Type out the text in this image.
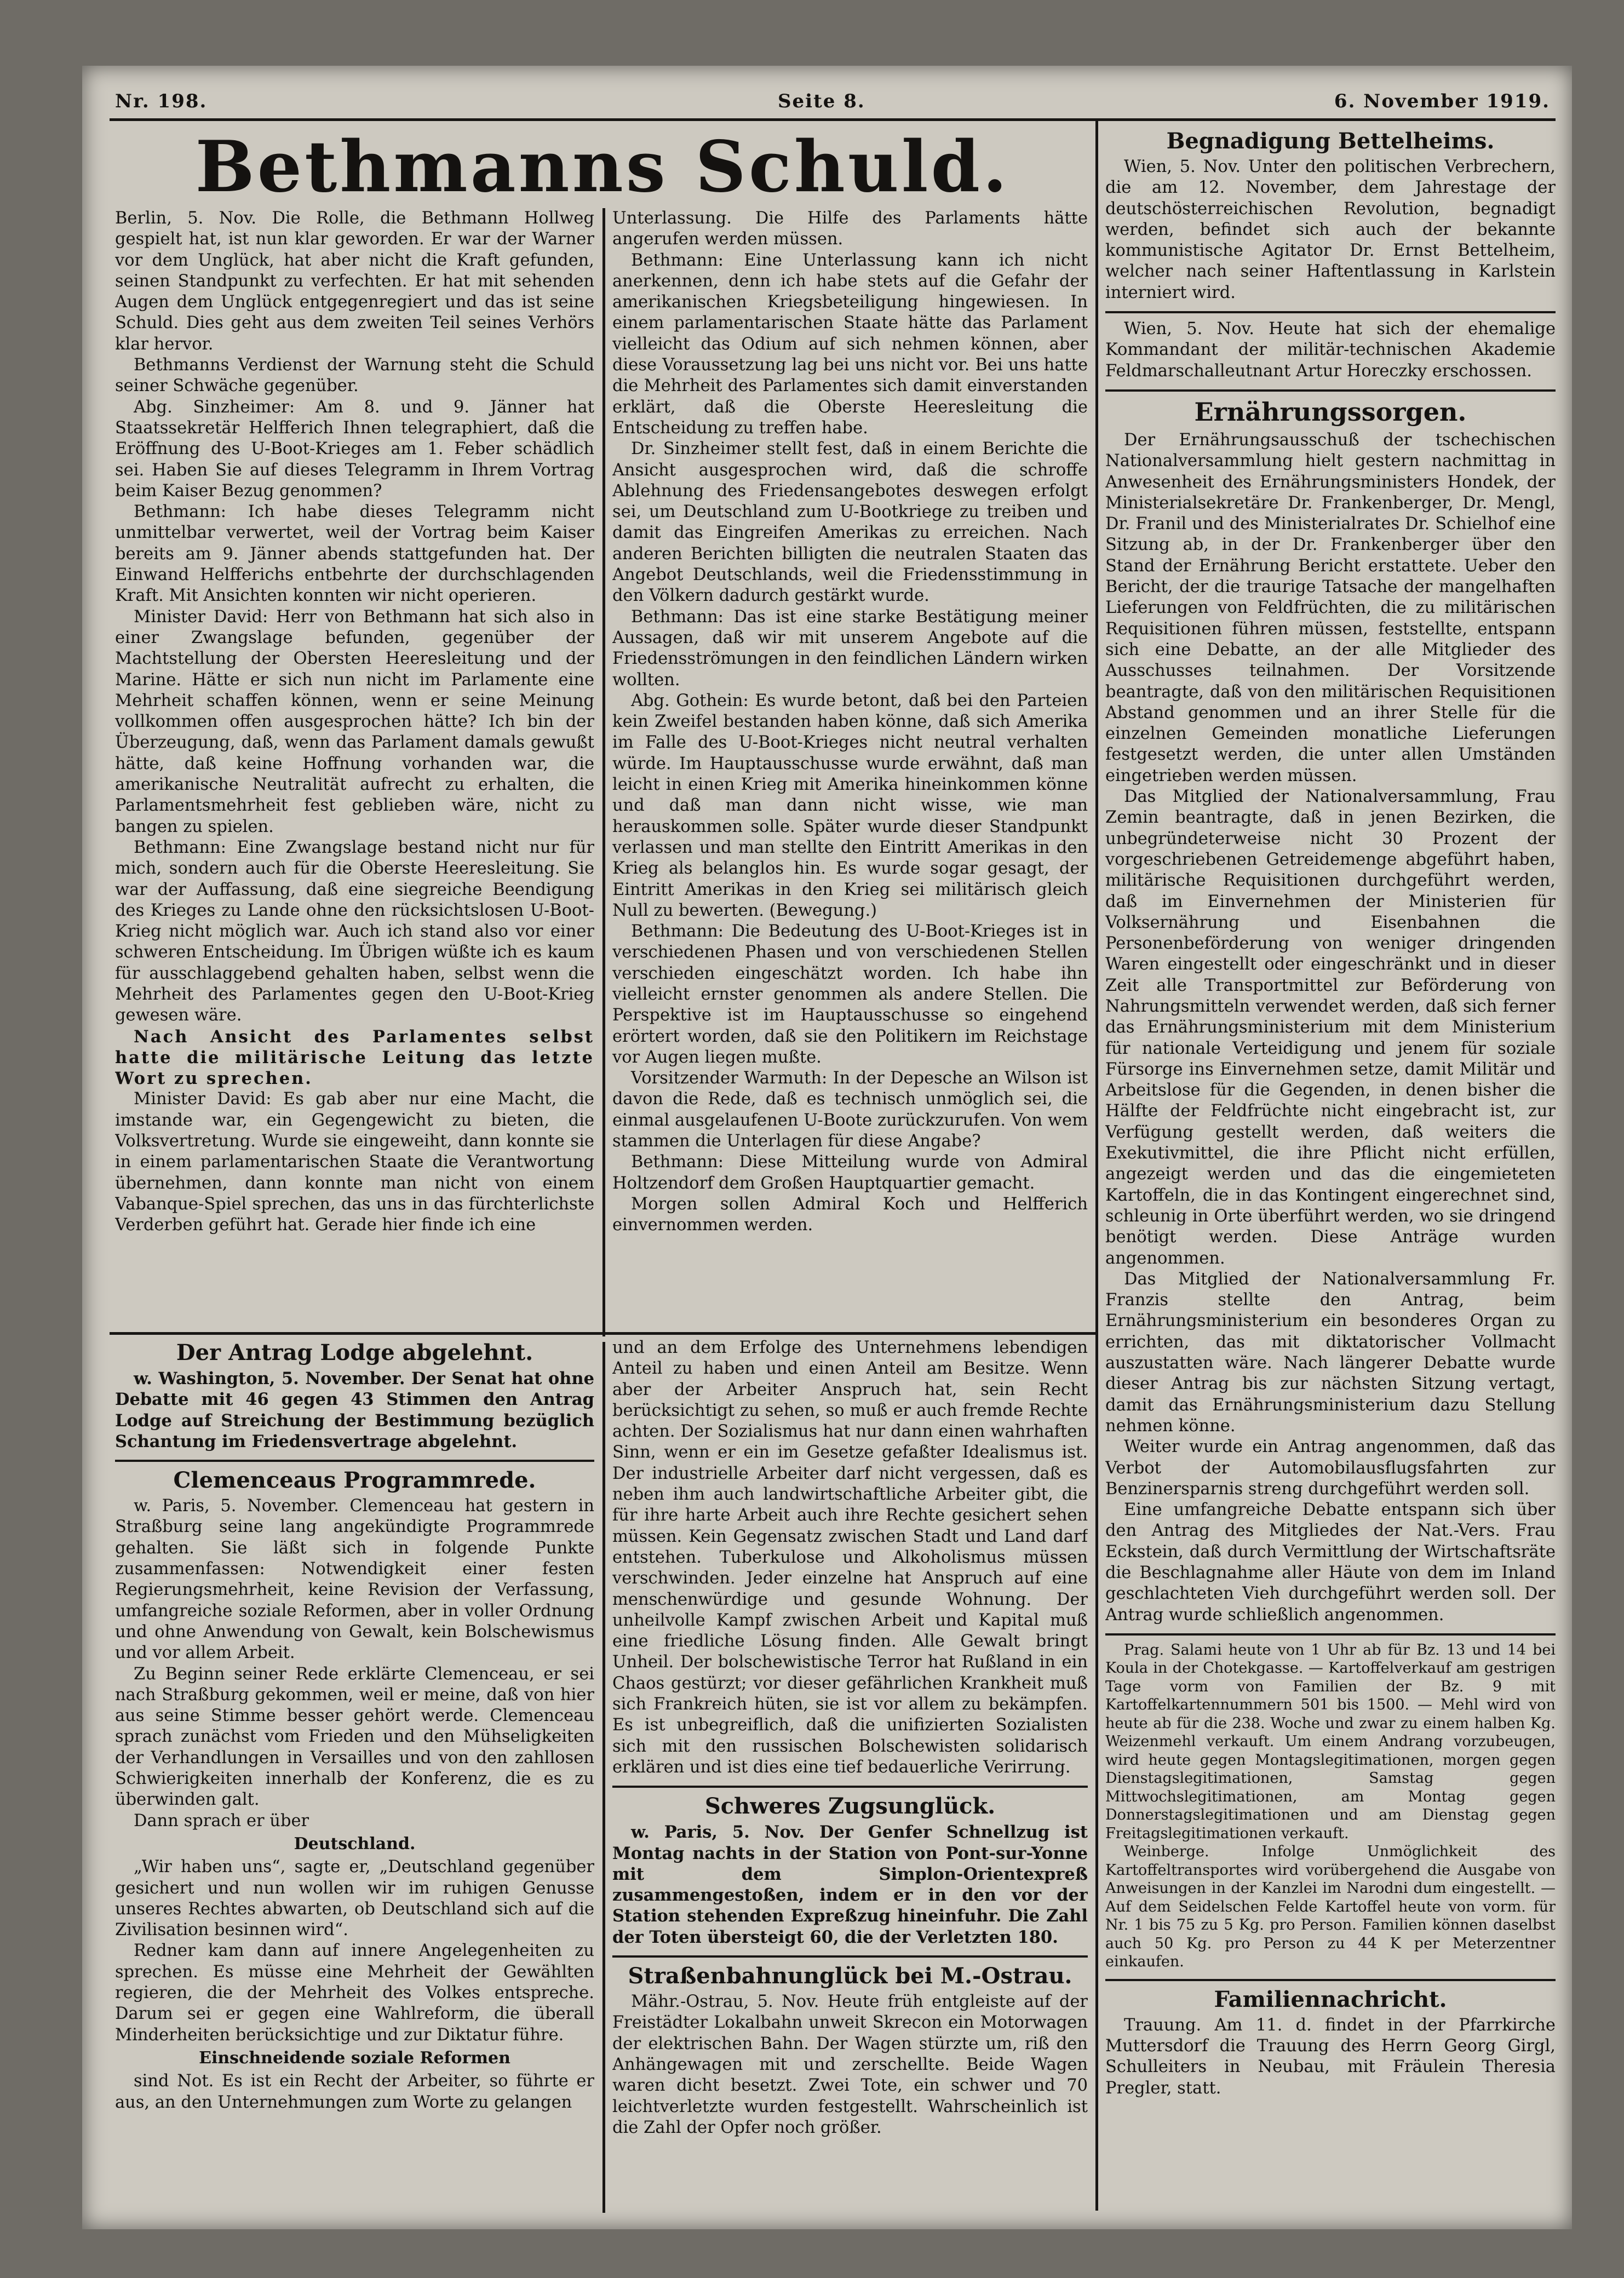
Nr. 198.	Seite 8.	6. November 1919.
Bethmanns Schuld.

Berlin, 5. Nov. Die Rolle, die Bethmann Hollweg gespielt hat, ist nun klar geworden. Er war der Warner vor dem Unglück, hat aber nicht die Kraft gefunden, seinen Standpunkt zu verfechten. Er hat mit sehenden Augen dem Unglück entgegenregiert und das ist seine Schuld. Dies geht aus dem zweiten Teil seines Verhörs klar hervor.

Bethmanns Verdienst der Warnung steht die Schuld seiner Schwäche gegenüber.

Abg. Sinzheimer: Am 8. und 9. Jänner hat Staatssekretär Helfferich Ihnen telegraphiert, daß die Eröffnung des U-Boot-Krieges am 1. Feber schädlich sei. Haben Sie auf dieses Telegramm in Ihrem Vortrag beim Kaiser Bezug genommen?

Bethmann: Ich habe dieses Telegramm nicht unmittelbar verwertet, weil der Vortrag beim Kaiser bereits am 9. Jänner abends stattgefunden hat. Der Einwand Helfferichs entbehrte der durchschlagenden Kraft. Mit Ansichten konnten wir nicht operieren.

Minister David: Herr von Bethmann hat sich also in einer Zwangslage befunden, gegenüber der Machtstellung der Obersten Heeresleitung und der Marine. Hätte er sich nun nicht im Parlamente eine Mehrheit schaffen können, wenn er seine Meinung vollkommen offen ausgesprochen hätte? Ich bin der Überzeugung, daß, wenn das Parlament damals gewußt hätte, daß keine Hoffnung vorhanden war, die amerikanische Neutralität aufrecht zu erhalten, die Parlamentsmehrheit fest geblieben wäre, nicht zu bangen zu spielen.

Bethmann: Eine Zwangslage bestand nicht nur für mich, sondern auch für die Oberste Heeresleitung. Sie war der Auffassung, daß eine siegreiche Beendigung des Krieges zu Lande ohne den rücksichtslosen U-Boot-Krieg nicht möglich war. Auch ich stand also vor einer schweren Entscheidung. Im Übrigen wüßte ich es kaum für ausschlaggebend gehalten haben, selbst wenn die Mehrheit des Parlamentes gegen den U-Boot-Krieg gewesen wäre.

Nach Ansicht des Parlamentes selbst hatte die militärische Leitung das letzte Wort zu sprechen.

Minister David: Es gab aber nur eine Macht, die imstande war, ein Gegengewicht zu bieten, die Volksvertretung. Wurde sie eingeweiht, dann konnte sie in einem parlamentarischen Staate die Verantwortung übernehmen, dann konnte man nicht von einem Vabanque-Spiel sprechen, das uns in das fürchterlichste Verderben geführt hat. Gerade hier finde ich eine

Unterlassung. Die Hilfe des Parlaments hätte angerufen werden müssen.

Bethmann: Eine Unterlassung kann ich nicht anerkennen, denn ich habe stets auf die Gefahr der amerikanischen Kriegsbeteiligung hingewiesen. In einem parlamentarischen Staate hätte das Parlament vielleicht das Odium auf sich nehmen können, aber diese Voraussetzung lag bei uns nicht vor. Bei uns hatte die Mehrheit des Parlamentes sich damit einverstanden erklärt, daß die Oberste Heeresleitung die Entscheidung zu treffen habe.

Dr. Sinzheimer stellt fest, daß in einem Berichte die Ansicht ausgesprochen wird, daß die schroffe Ablehnung des Friedensangebotes deswegen erfolgt sei, um Deutschland zum U-Bootkriege zu treiben und damit das Eingreifen Amerikas zu erreichen. Nach anderen Berichten billigten die neutralen Staaten das Angebot Deutschlands, weil die Friedensstimmung in den Völkern dadurch gestärkt wurde.

Bethmann: Das ist eine starke Bestätigung meiner Aussagen, daß wir mit unserem Angebote auf die Friedensströmungen in den feindlichen Ländern wirken wollten.

Abg. Gothein: Es wurde betont, daß bei den Parteien kein Zweifel bestanden haben könne, daß sich Amerika im Falle des U-Boot-Krieges nicht neutral verhalten würde. Im Hauptausschusse wurde erwähnt, daß man leicht in einen Krieg mit Amerika hineinkommen könne und daß man dann nicht wisse, wie man herauskommen solle. Später wurde dieser Standpunkt verlassen und man stellte den Eintritt Amerikas in den Krieg als belanglos hin. Es wurde sogar gesagt, der Eintritt Amerikas in den Krieg sei militärisch gleich Null zu bewerten. (Bewegung.)

Bethmann: Die Bedeutung des U-Boot-Krieges ist in verschiedenen Phasen und von verschiedenen Stellen verschieden eingeschätzt worden. Ich habe ihn vielleicht ernster genommen als andere Stellen. Die Perspektive ist im Hauptausschusse so eingehend erörtert worden, daß sie den Politikern im Reichstage vor Augen liegen mußte.

Vorsitzender Warmuth: In der Depesche an Wilson ist davon die Rede, daß es technisch unmöglich sei, die einmal ausgelaufenen U-Boote zurückzurufen. Von wem stammen die Unterlagen für diese Angabe?

Bethmann: Diese Mitteilung wurde von Admiral Holtzendorf dem Großen Hauptquartier gemacht.

Morgen sollen Admiral Koch und Helfferich einvernommen werden.

Der Antrag Lodge abgelehnt.

w. Washington, 5. November. Der Senat hat ohne Debatte mit 46 gegen 43 Stimmen den Antrag Lodge auf Streichung der Bestimmung bezüglich Schantung im Friedensvertrage abgelehnt.

Clemenceaus Programmrede.

w. Paris, 5. November. Clemenceau hat gestern in Straßburg seine lang angekündigte Programmrede gehalten. Sie läßt sich in folgende Punkte zusammenfassen: Notwendigkeit einer festen Regierungsmehrheit, keine Revision der Verfassung, umfangreiche soziale Reformen, aber in voller Ordnung und ohne Anwendung von Gewalt, kein Bolschewismus und vor allem Arbeit.

Zu Beginn seiner Rede erklärte Clemenceau, er sei nach Straßburg gekommen, weil er meine, daß von hier aus seine Stimme besser gehört werde. Clemenceau sprach zunächst vom Frieden und den Mühseligkeiten der Verhandlungen in Versailles und von den zahllosen Schwierigkeiten innerhalb der Konferenz, die es zu überwinden galt.

Dann sprach er über

Deutschland.

„Wir haben uns“, sagte er, „Deutschland gegenüber gesichert und nun wollen wir im ruhigen Genusse unseres Rechtes abwarten, ob Deutschland sich auf die Zivilisation besinnen wird“.

Redner kam dann auf innere Angelegenheiten zu sprechen. Es müsse eine Mehrheit der Gewählten regieren, die der Mehrheit des Volkes entspreche. Darum sei er gegen eine Wahlreform, die überall Minderheiten berücksichtige und zur Diktatur führe.

Einschneidende soziale Reformen

sind Not. Es ist ein Recht der Arbeiter, so führte er aus, an den Unternehmungen zum Worte zu gelangen

und an dem Erfolge des Unternehmens lebendigen Anteil zu haben und einen Anteil am Besitze. Wenn aber der Arbeiter Anspruch hat, sein Recht berücksichtigt zu sehen, so muß er auch fremde Rechte achten. Der Sozialismus hat nur dann einen wahrhaften Sinn, wenn er ein im Gesetze gefaßter Idealismus ist. Der industrielle Arbeiter darf nicht vergessen, daß es neben ihm auch landwirtschaftliche Arbeiter gibt, die für ihre harte Arbeit auch ihre Rechte gesichert sehen müssen. Kein Gegensatz zwischen Stadt und Land darf entstehen. Tuberkulose und Alkoholismus müssen verschwinden. Jeder einzelne hat Anspruch auf eine menschenwürdige und gesunde Wohnung. Der unheilvolle Kampf zwischen Arbeit und Kapital muß eine friedliche Lösung finden. Alle Gewalt bringt Unheil. Der bolschewistische Terror hat Rußland in ein Chaos gestürzt; vor dieser gefährlichen Krankheit muß sich Frankreich hüten, sie ist vor allem zu bekämpfen. Es ist unbegreiflich, daß die unifizierten Sozialisten sich mit den russischen Bolschewisten solidarisch erklären und ist dies eine tief bedauerliche Verirrung.

Schweres Zugsunglück.

w. Paris, 5. Nov. Der Genfer Schnellzug ist Montag nachts in der Station von Pont-sur-Yonne mit dem Simplon-Orientexpreß zusammengestoßen, indem er in den vor der Station stehenden Expreßzug hineinfuhr. Die Zahl der Toten übersteigt 60, die der Verletzten 180.

Straßenbahnunglück bei M.-Ostrau.

Mähr.-Ostrau, 5. Nov. Heute früh entgleiste auf der Freistädter Lokalbahn unweit Skrecon ein Motorwagen der elektrischen Bahn. Der Wagen stürzte um, riß den Anhängewagen mit und zerschellte. Beide Wagen waren dicht besetzt. Zwei Tote, ein schwer und 70 leichtverletzte wurden festgestellt. Wahrscheinlich ist die Zahl der Opfer noch größer.

Begnadigung Bettelheims.

Wien, 5. Nov. Unter den politischen Verbrechern, die am 12. November, dem Jahrestage der deutschösterreichischen Revolution, begnadigt werden, befindet sich auch der bekannte kommunistische Agitator Dr. Ernst Bettelheim, welcher nach seiner Haftentlassung in Karlstein interniert wird.

Wien, 5. Nov. Heute hat sich der ehemalige Kommandant der militär-technischen Akademie Feldmarschalleutnant Artur Horeczky erschossen.

Ernährungssorgen.

Der Ernährungsausschuß der tschechischen Nationalversammlung hielt gestern nachmittag in Anwesenheit des Ernährungsministers Hondek, der Ministerialsekretäre Dr. Frankenberger, Dr. Mengl, Dr. Franil und des Ministerialrates Dr. Schielhof eine Sitzung ab, in der Dr. Frankenberger über den Stand der Ernährung Bericht erstattete. Ueber den Bericht, der die traurige Tatsache der mangelhaften Lieferungen von Feldfrüchten, die zu militärischen Requisitionen führen müssen, feststellte, entspann sich eine Debatte, an der alle Mitglieder des Ausschusses teilnahmen. Der Vorsitzende beantragte, daß von den militärischen Requisitionen Abstand genommen und an ihrer Stelle für die einzelnen Gemeinden monatliche Lieferungen festgesetzt werden, die unter allen Umständen eingetrieben werden müssen.

Das Mitglied der Nationalversammlung, Frau Zemin beantragte, daß in jenen Bezirken, die unbegründeterweise nicht 30 Prozent der vorgeschriebenen Getreidemenge abgeführt haben, militärische Requisitionen durchgeführt werden, daß im Einvernehmen der Ministerien für Volksernährung und Eisenbahnen die Personenbeförderung von weniger dringenden Waren eingestellt oder eingeschränkt und in dieser Zeit alle Transportmittel zur Beförderung von Nahrungsmitteln verwendet werden, daß sich ferner das Ernährungsministerium mit dem Ministerium für nationale Verteidigung und jenem für soziale Fürsorge ins Einvernehmen setze, damit Militär und Arbeitslose für die Gegenden, in denen bisher die Hälfte der Feldfrüchte nicht eingebracht ist, zur Verfügung gestellt werden, daß weiters die Exekutivmittel, die ihre Pflicht nicht erfüllen, angezeigt werden und das die eingemieteten Kartoffeln, die in das Kontingent eingerechnet sind, schleunig in Orte überführt werden, wo sie dringend benötigt werden. Diese Anträge wurden angenommen.

Das Mitglied der Nationalversammlung Fr. Franzis stellte den Antrag, beim Ernährungsministerium ein besonderes Organ zu errichten, das mit diktatorischer Vollmacht auszustatten wäre. Nach längerer Debatte wurde dieser Antrag bis zur nächsten Sitzung vertagt, damit das Ernährungsministerium dazu Stellung nehmen könne.

Weiter wurde ein Antrag angenommen, daß das Verbot der Automobilausflugsfahrten zur Benzinersparnis streng durchgeführt werden soll.

Eine umfangreiche Debatte entspann sich über den Antrag des Mitgliedes der Nat.-Vers. Frau Eckstein, daß durch Vermittlung der Wirtschaftsräte die Beschlagnahme aller Häute von dem im Inland geschlachteten Vieh durchgeführt werden soll. Der Antrag wurde schließlich angenommen.

Prag. Salami heute von 1 Uhr ab für Bz. 13 und 14 bei Koula in der Chotekgasse. — Kartoffelverkauf am gestrigen Tage vorm von Familien der Bz. 9 mit Kartoffelkartennummern 501 bis 1500. — Mehl wird von heute ab für die 238. Woche und zwar zu einem halben Kg. Weizenmehl verkauft. Um einem Andrang vorzubeugen, wird heute gegen Montagslegitimationen, morgen gegen Dienstagslegitimationen, Samstag gegen Mittwochslegitimationen, am Montag gegen Donnerstagslegitimationen und am Dienstag gegen Freitagslegitimationen verkauft.

Weinberge. Infolge Unmöglichkeit des Kartoffeltransportes wird vorübergehend die Ausgabe von Anweisungen in der Kanzlei im Narodni dum eingestellt. — Auf dem Seidelschen Felde Kartoffel heute von vorm. für Nr. 1 bis 75 zu 5 Kg. pro Person. Familien können daselbst auch 50 Kg. pro Person zu 44 K per Meterzentner einkaufen.

Familiennachricht.

Trauung. Am 11. d. findet in der Pfarrkirche Muttersdorf die Trauung des Herrn Georg Girgl, Schulleiters in Neubau, mit Fräulein Theresia Pregler, statt.
